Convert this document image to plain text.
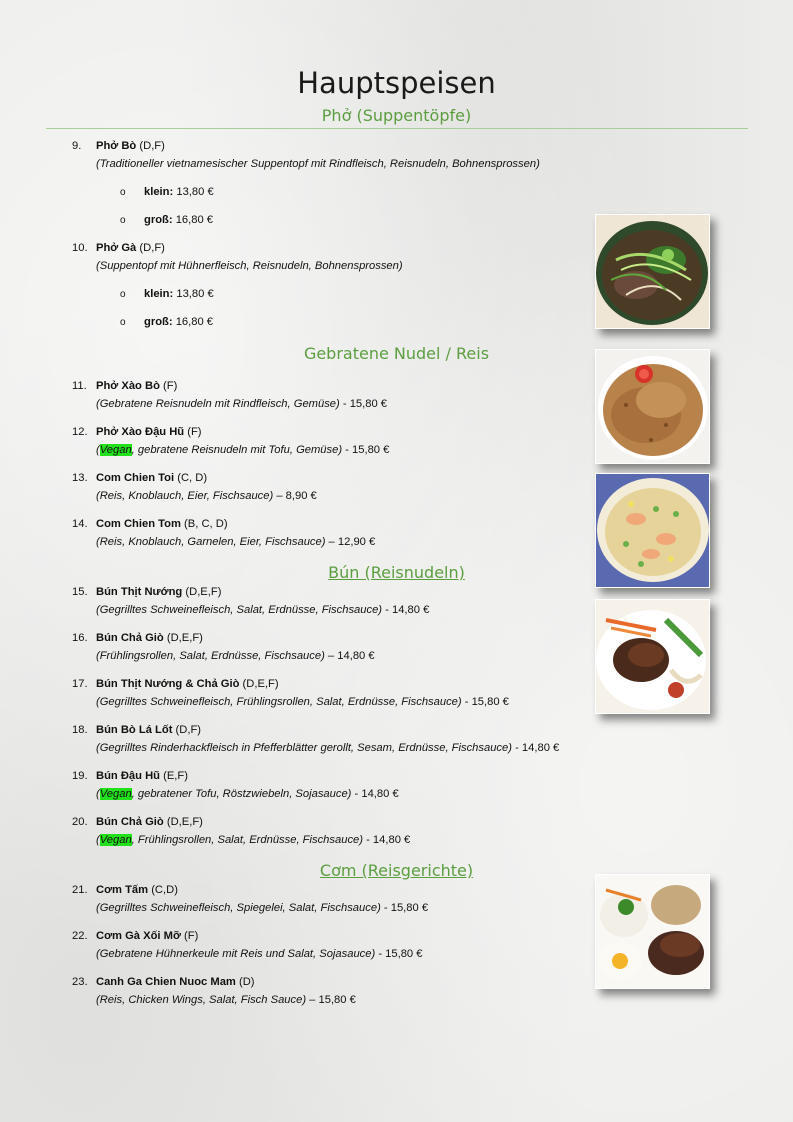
Hauptspeisen
Phở (Suppentöpfe)
9.	Phở Bò (D,F)
(Traditioneller vietnamesischer Suppentopf mit Rindfleisch, Reisnudeln, Bohnensprossen)
o klein: 13,80 €
o groß: 16,80 €
10. Phở Gà (D,F)
(Suppentopf mit Hühnerfleisch, Reisnudeln, Bohnensprossen)
o klein: 13,80 €
o groß: 16,80 €
Gebratene Nudel / Reis
11. Phở Xào Bò (F)
(Gebratene Reisnudeln mit Rindfleisch, Gemüse) - 15,80 €
12. Phở Xào Đậu Hũ (F)
(Vegan, gebratene Reisnudeln mit Tofu, Gemüse) - 15,80 €
13. Com Chien Toi (C, D)
(Reis, Knoblauch, Eier, Fischsauce) – 8,90 €
14. Com Chien Tom (B, C, D)
(Reis, Knoblauch, Garnelen, Eier, Fischsauce) – 12,90 €
Bún (Reisnudeln)
15. Bún Thịt Nướng (D,E,F)
(Gegrilltes Schweinefleisch, Salat, Erdnüsse, Fischsauce) - 14,80 €
16. Bún Chả Giò (D,E,F)
(Frühlingsrollen, Salat, Erdnüsse, Fischsauce) – 14,80 €
17. Bún Thịt Nướng & Chả Giò (D,E,F)
(Gegrilltes Schweinefleisch, Frühlingsrollen, Salat, Erdnüsse, Fischsauce) - 15,80 €
18. Bún Bò Lá Lốt (D,F)
(Gegrilltes Rinderhackfleisch in Pfefferblätter gerollt, Sesam, Erdnüsse, Fischsauce) - 14,80 €
19. Bún Đậu Hũ (E,F)
(Vegan, gebratener Tofu, Röstzwiebeln, Sojasauce) - 14,80 €
20. Bún Chả Giò (D,E,F)
(Vegan, Frühlingsrollen, Salat, Erdnüsse, Fischsauce) - 14,80 €
Cơm (Reisgerichte)
21. Cơm Tấm (C,D)
(Gegrilltes Schweinefleisch, Spiegelei, Salat, Fischsauce) - 15,80 €
22. Cơm Gà Xối Mỡ (F)
(Gebratene Hühnerkeule mit Reis und Salat, Sojasauce) - 15,80 €
23. Canh Ga Chien Nuoc Mam (D)
(Reis, Chicken Wings, Salat, Fisch Sauce) – 15,80 €
